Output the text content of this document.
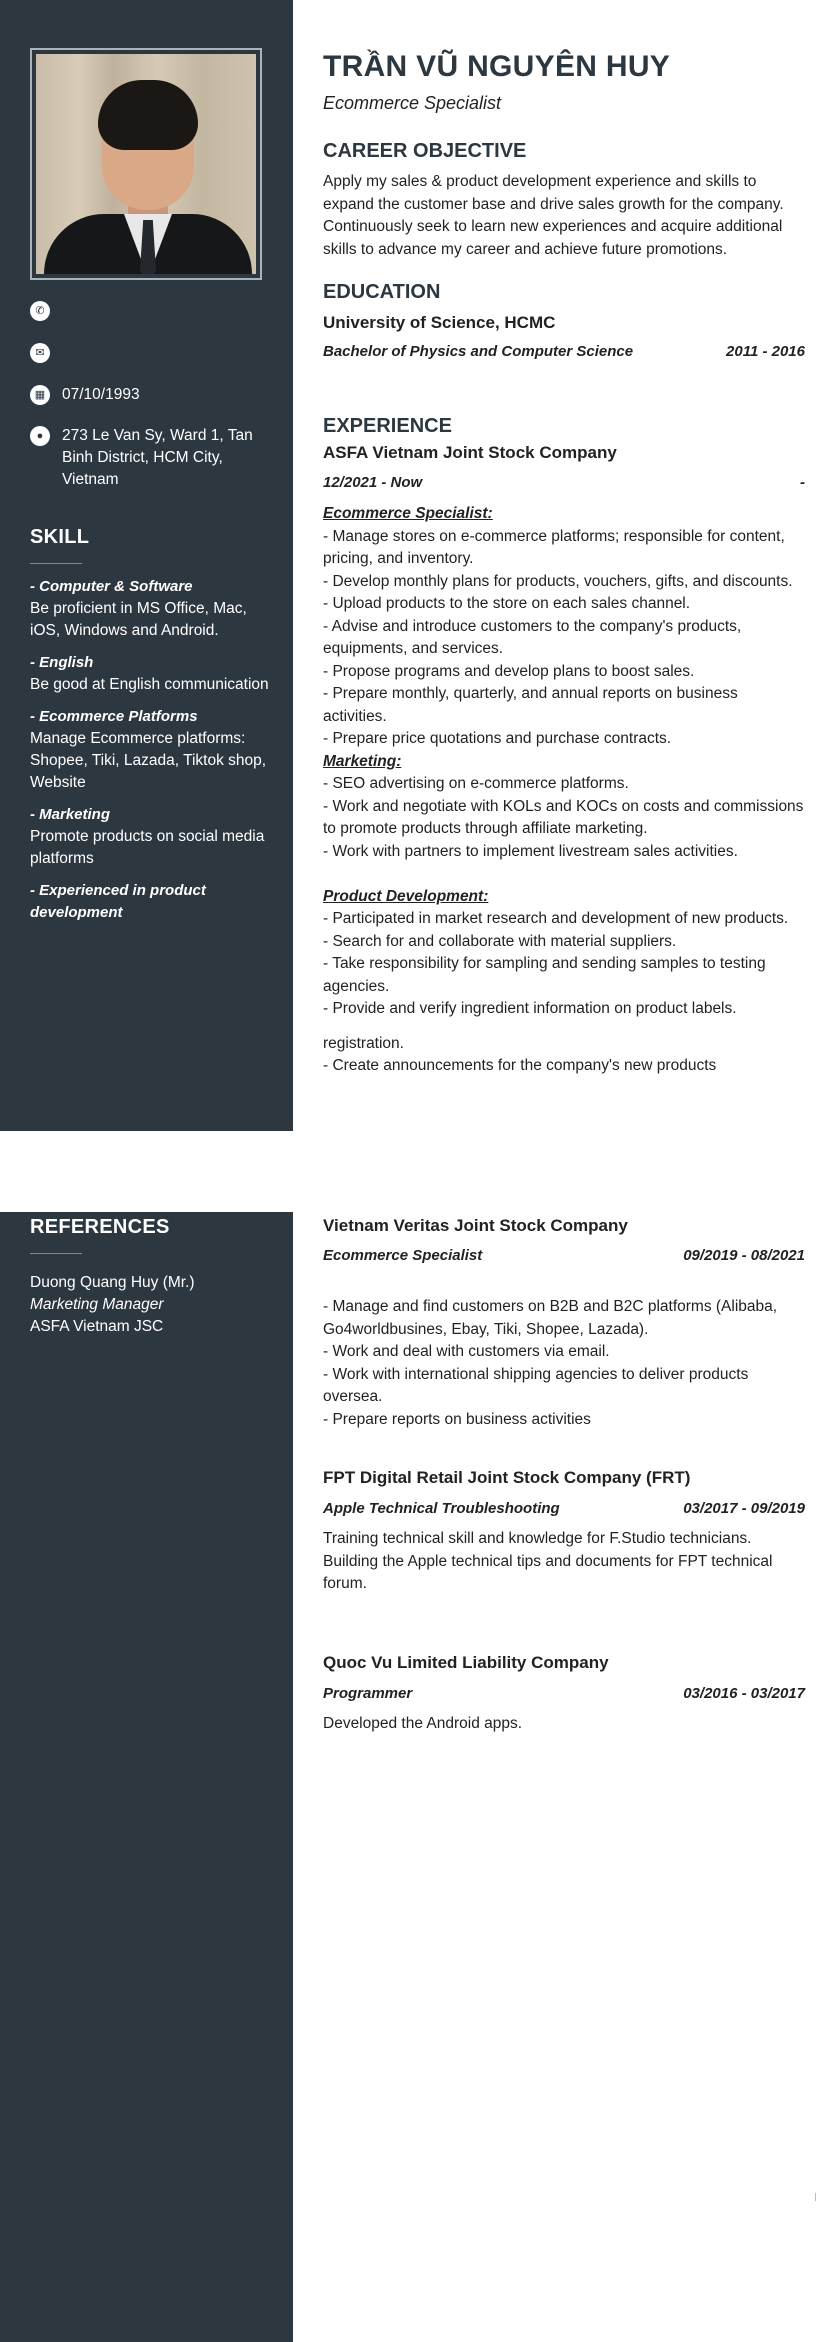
✆
✉
▦	07/10/1993
●	273 Le Van Sy, Ward 1, Tan Binh District, HCM City, Vietnam
SKILL
- Computer & Software
Be proficient in MS Office, Mac, iOS, Windows and Android.
- English
Be good at English communication
- Ecommerce Platforms
Manage Ecommerce platforms: Shopee, Tiki, Lazada, Tiktok shop, Website
- Marketing
Promote products on social media platforms
- Experienced in product development
TRẦN VŨ NGUYÊN HUY
Ecommerce Specialist
CAREER OBJECTIVE
Apply my sales & product development experience and skills to expand the customer base and drive sales growth for the company. Continuously seek to learn new experiences and acquire additional skills to advance my career and achieve future promotions.
EDUCATION
University of Science, HCMC
Bachelor of Physics and Computer Science	2011 - 2016
EXPERIENCE
ASFA Vietnam Joint Stock Company
12/2021 - Now	-
Ecommerce Specialist:
- Manage stores on e-commerce platforms; responsible for content, pricing, and inventory.
- Develop monthly plans for products, vouchers, gifts, and discounts.
- Upload products to the store on each sales channel.
- Advise and introduce customers to the company's products, equipments, and services.
- Propose programs and develop plans to boost sales.
- Prepare monthly, quarterly, and annual reports on business activities.
- Prepare price quotations and purchase contracts.
Marketing:
- SEO advertising on e-commerce platforms.
- Work and negotiate with KOLs and KOCs on costs and commissions to promote products through affiliate marketing.
- Work with partners to implement livestream sales activities.
Product Development:
- Participated in market research and development of new products.
- Search for and collaborate with material suppliers.
- Take responsibility for sampling and sending samples to testing agencies.
- Provide and verify ingredient information on product labels.
registration.
- Create announcements for the company's new products
REFERENCES
Duong Quang Huy (Mr.)
Marketing Manager
ASFA Vietnam JSC
Vietnam Veritas Joint Stock Company
Ecommerce Specialist	09/2019 - 08/2021
- Manage and find customers on B2B and B2C platforms (Alibaba, Go4worldbusines, Ebay, Tiki, Shopee, Lazada).
- Work and deal with customers via email.
- Work with international shipping agencies to deliver products oversea.
- Prepare reports on business activities
FPT Digital Retail Joint Stock Company (FRT)
Apple Technical Troubleshooting	03/2017 - 09/2019
Training technical skill and knowledge for F.Studio technicians. Building the Apple technical tips and documents for FPT technical forum.
Quoc Vu Limited Liability Company
Programmer	03/2016 - 03/2017
Developed the Android apps.
